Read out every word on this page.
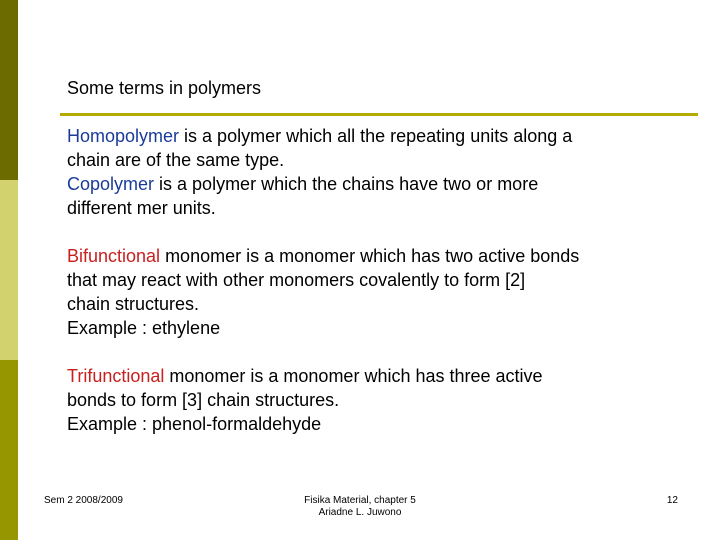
Some terms in polymers
Homopolymer is a polymer which all the repeating units along a
chain are of the same type.
Copolymer is a polymer which the chains have two or more
different mer units.
Bifunctional monomer is a monomer which has two active bonds
that may react with other monomers covalently to form [2]
chain structures.
Example : ethylene
Trifunctional monomer is a monomer which has three active
bonds to form [3] chain structures.
Example : phenol-formaldehyde
Sem 2 2008/2009	Fisika Material, chapter 5
Ariadne L. Juwono
12
